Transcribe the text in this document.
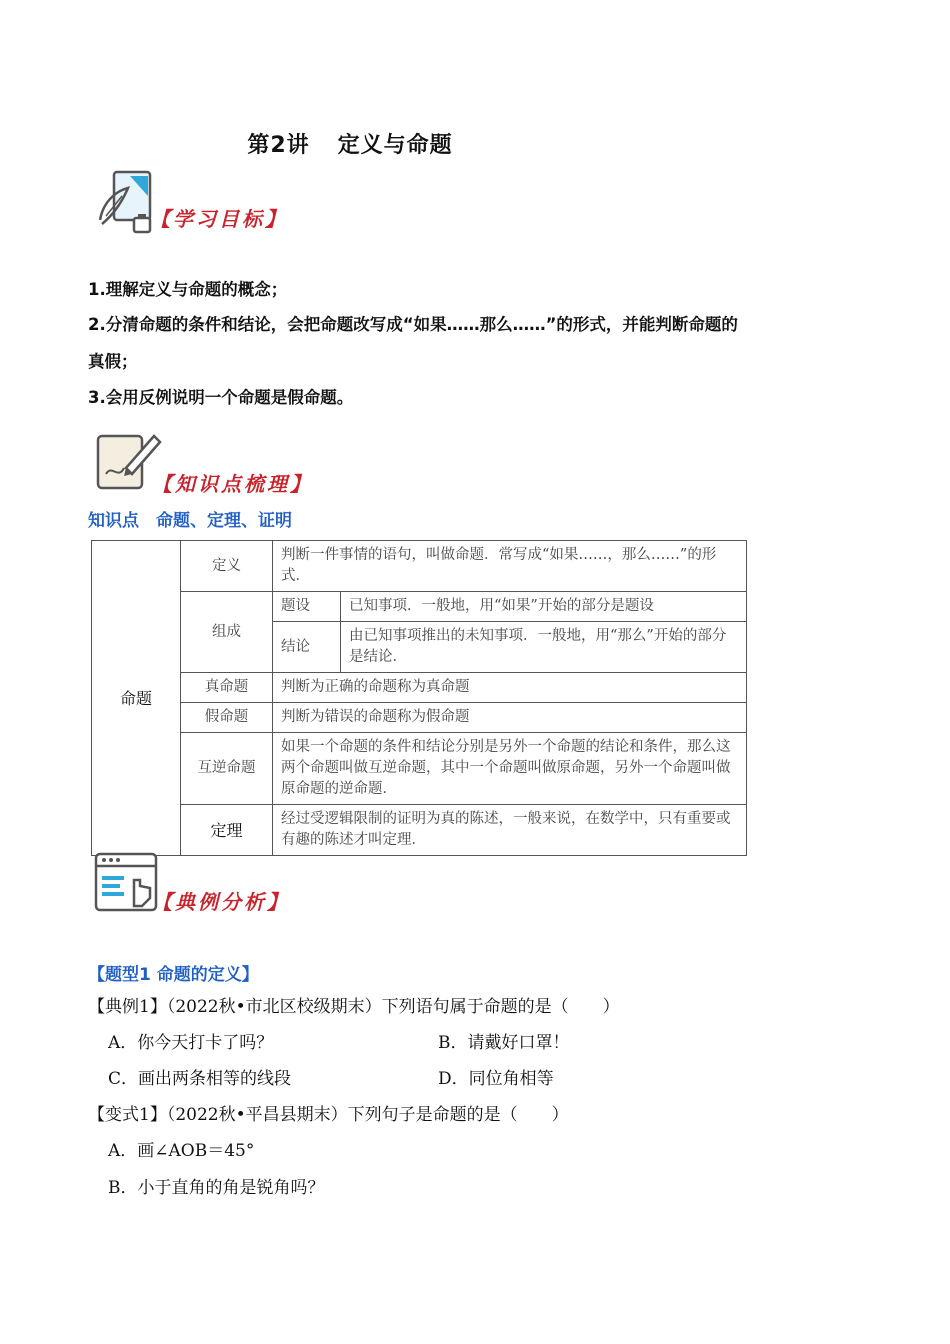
第2讲 定义与命题
【学习目标】
1.理解定义与命题的概念；
2.分清命题的条件和结论，会把命题改写成“如果……那么……”的形式，并能判断命题的
真假；
3.会用反例说明一个命题是假命题。
【知识点梳理】
知识点　命题、定理、证明
命题	定义	判断一件事情的语句，叫做命题．常写成“如果……，那么……”的形式．	
	组成	题设	已知事项．一般地，用“如果”开始的部分是题设
		结论	由已知事项推出的未知事项．一般地，用“那么”开始的部分是结论．
	真命题	判断为正确的命题称为真命题	
	假命题	判断为错误的命题称为假命题	
	互逆命题	如果一个命题的条件和结论分别是另外一个命题的结论和条件，那么这两个命题叫做互逆命题，其中一个命题叫做原命题，另外一个命题叫做原命题的逆命题．	
	定理	经过受逻辑限制的证明为真的陈述，一般来说，在数学中，只有重要或有趣的陈述才叫定理．	
【典例分析】
【题型1 命题的定义】
【典例1】（2022秋•市北区校级期末）下列语句属于命题的是（　　）
A．你今天打卡了吗？	B．请戴好口罩！
C．画出两条相等的线段	D．同位角相等
【变式1】（2022秋•平昌县期末）下列句子是命题的是（　　）
A．画∠AOB＝45°
B．小于直角的角是锐角吗？
